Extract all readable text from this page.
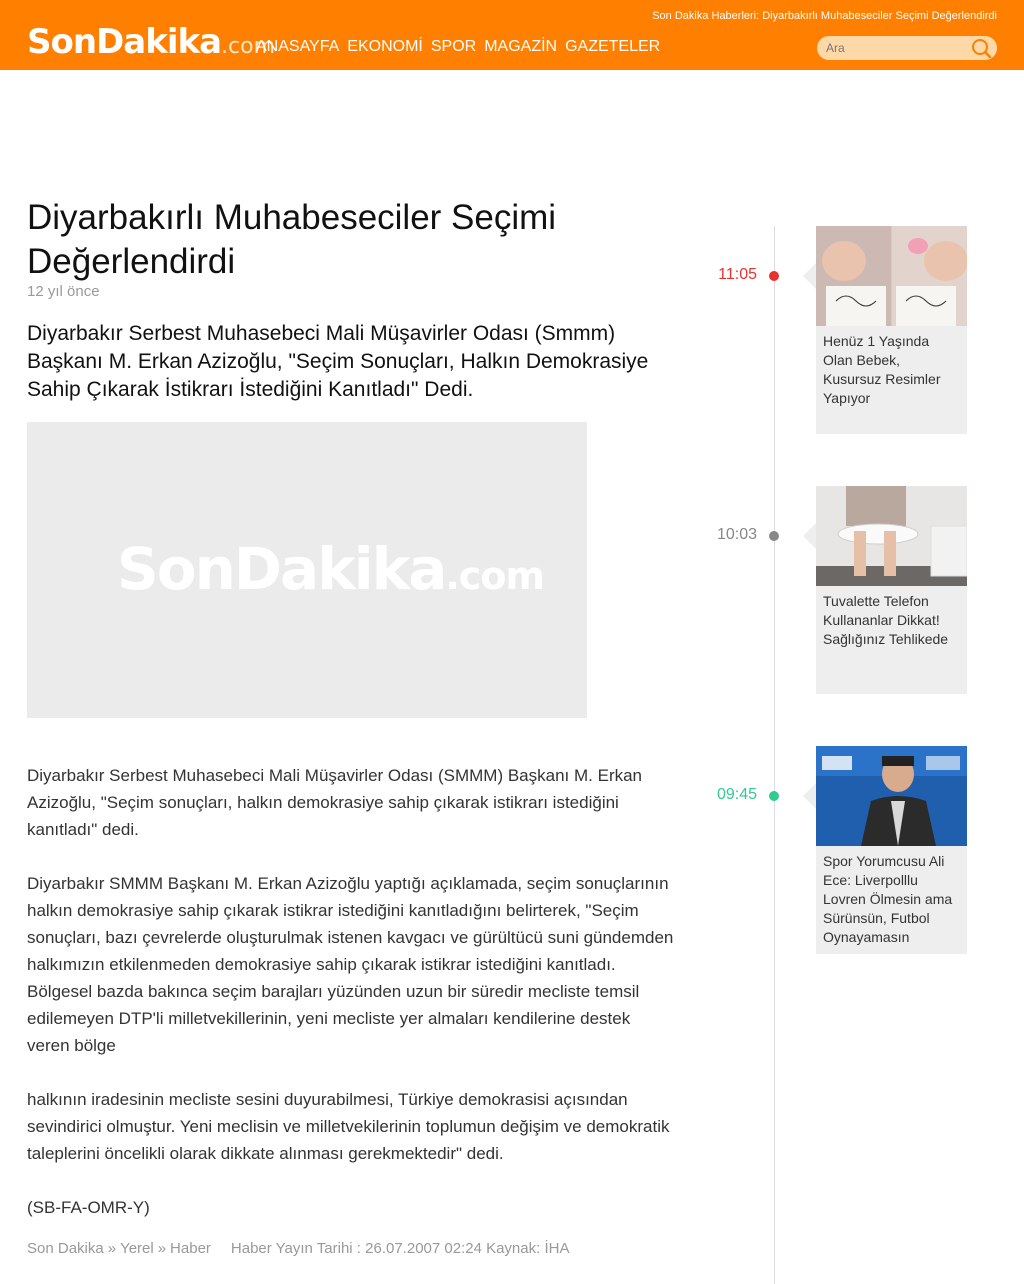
SonDakika.com
ANASAYFA EKONOMİ SPOR MAGAZİN GAZETELER
Son Dakika Haberleri: Diyarbakırlı Muhabeseciler Seçimi Değerlendirdi
Ara
Diyarbakırlı Muhabeseciler Seçimi Değerlendirdi
12 yıl önce
Diyarbakır Serbest Muhasebeci Mali Müşavirler Odası (Smmm) Başkanı M. Erkan Azizoğlu, "Seçim Sonuçları, Halkın Demokrasiye Sahip Çıkarak İstikrarı İstediğini Kanıtladı" Dedi.
SonDakika.com

Diyarbakır Serbest Muhasebeci Mali Müşavirler Odası (SMMM) Başkanı M. Erkan Azizoğlu, "Seçim sonuçları, halkın demokrasiye sahip çıkarak istikrarı istediğini kanıtladı" dedi.

Diyarbakır SMMM Başkanı M. Erkan Azizoğlu yaptığı açıklamada, seçim sonuçlarının halkın demokrasiye sahip çıkarak istikrar istediğini kanıtladığını belirterek, "Seçim sonuçları, bazı çevrelerde oluşturulmak istenen kavgacı ve gürültücü suni gündemden halkımızın etkilenmeden demokrasiye sahip çıkarak istikrar istediğini kanıtladı. Bölgesel bazda bakınca seçim barajları yüzünden uzun bir süredir mecliste temsil edilemeyen DTP'li milletvekillerinin, yeni mecliste yer almaları kendilerine destek veren bölge

halkının iradesinin mecliste sesini duyurabilmesi, Türkiye demokrasisi açısından sevindirici olmuştur. Yeni meclisin ve milletvekilerinin toplumun değişim ve demokratik taleplerini öncelikli olarak dikkate alınması gerekmektedir" dedi.

(SB-FA-OMR-Y)

Son Dakika » Yerel » Haber Haber Yayın Tarihi : 26.07.2007 02:24 Kaynak: İHA
11:05
Henüz 1 Yaşında Olan Bebek, Kusursuz Resimler Yapıyor
10:03
Tuvalette Telefon Kullananlar Dikkat! Sağlığınız Tehlikede
09:45
Spor Yorumcusu Ali Ece: Liverpolllu Lovren Ölmesin ama Sürünsün, Futbol Oynayamasın
